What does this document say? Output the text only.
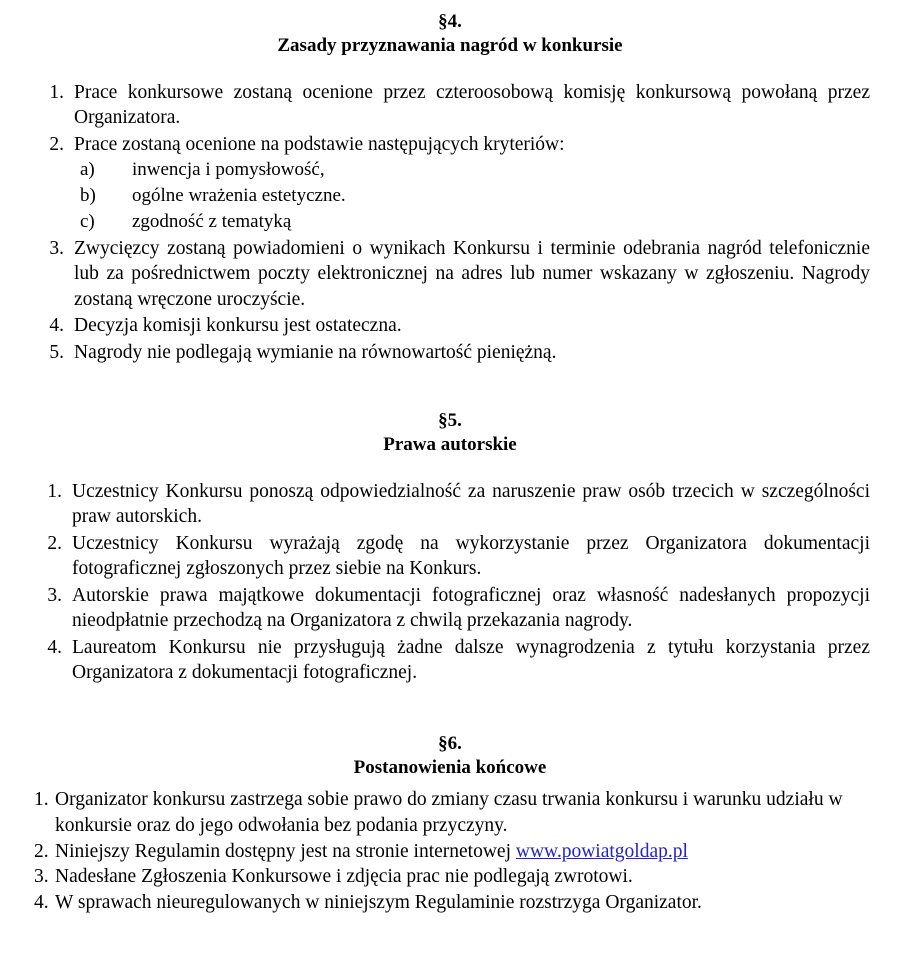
§4.
Zasady przyznawania nagród w konkursie
1. Prace konkursowe zostaną ocenione przez czteroosobową komisję konkursową powołaną przez Organizatora.
2. Prace zostaną ocenione na podstawie następujących kryteriów:
a)	inwencja i pomysłowość,
b)	ogólne wrażenia estetyczne.
c)	zgodność z tematyką
3. Zwycięzcy zostaną powiadomieni o wynikach Konkursu i terminie odebrania nagród telefonicznie lub za pośrednictwem poczty elektronicznej na adres lub numer wskazany w zgłoszeniu. Nagrody zostaną wręczone uroczyście.
4. Decyzja komisji konkursu jest ostateczna.
5. Nagrody nie podlegają wymianie na równowartość pieniężną.
§5.
Prawa autorskie
1. Uczestnicy Konkursu ponoszą odpowiedzialność za naruszenie praw osób trzecich w szczególności praw autorskich.
2. Uczestnicy Konkursu wyrażają zgodę na wykorzystanie przez Organizatora dokumentacji fotograficznej zgłoszonych przez siebie na Konkurs.
3. Autorskie prawa majątkowe dokumentacji fotograficznej oraz własność nadesłanych propozycji nieodpłatnie przechodzą na Organizatora z chwilą przekazania nagrody.
4. Laureatom Konkursu nie przysługują żadne dalsze wynagrodzenia z tytułu korzystania przez Organizatora z dokumentacji fotograficznej.
§6.
Postanowienia końcowe
1. Organizator konkursu zastrzega sobie prawo do zmiany czasu trwania konkursu i warunku udziału w konkursie oraz do jego odwołania bez podania przyczyny.
2. Niniejszy Regulamin dostępny jest na stronie internetowej www.powiatgoldap.pl
3. Nadesłane Zgłoszenia Konkursowe i zdjęcia prac nie podlegają zwrotowi.
4. W sprawach nieuregulowanych w niniejszym Regulaminie rozstrzyga Organizator.
